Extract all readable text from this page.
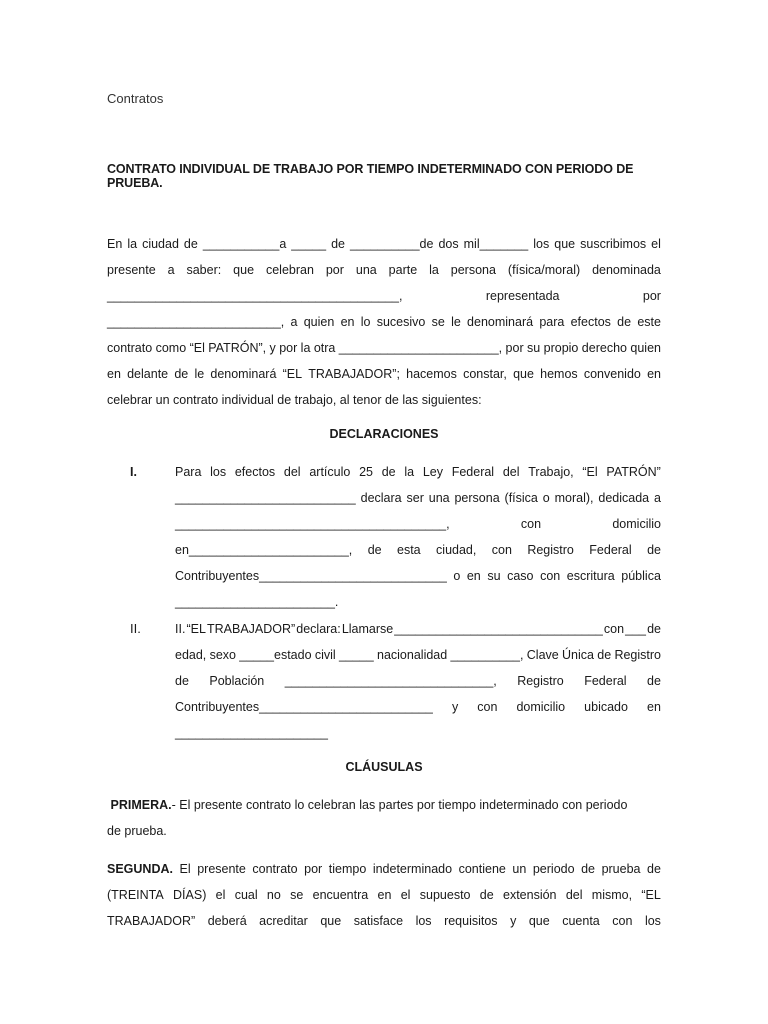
Contratos
CONTRATO INDIVIDUAL DE TRABAJO POR TIEMPO INDETERMINADO CON PERIODO DE PRUEBA.
En la ciudad de ___________a _____ de __________de dos mil_______ los que suscribimos el
presente a saber: que celebran por una parte la persona (física/moral) denominada
__________________________________________,	representada	por
_________________________, a quien en lo sucesivo se le denominará para efectos de este
contrato como “El PATRÓN”, y por la otra _______________________, por su propio derecho quien
en delante de le denominará “EL TRABAJADOR”; hacemos constar, que hemos convenido en
celebrar un contrato individual de trabajo, al tenor de las siguientes:
DECLARACIONES
I.	Para los efectos del artículo 25 de la Ley Federal del Trabajo, “El PATRÓN”
__________________________ declara ser una persona (física o moral), dedicada a
_______________________________________,	con	domicilio
en_______________________, de esta ciudad, con Registro Federal de
Contribuyentes___________________________ o en su caso con escritura pública
_______________________.
II.	II. “EL TRABAJADOR” declara: Llamarse ______________________________ con ___ de
edad, sexo _____estado civil _____ nacionalidad __________, Clave Única de Registro
de Población ______________________________, Registro Federal de
Contribuyentes_________________________ y con domicilio ubicado en
______________________
CLÁUSULAS

PRIMERA. - El presente contrato lo celebran las partes por tiempo indeterminado con periodo
de prueba.
SEGUNDA. El presente contrato por tiempo indeterminado contiene un periodo de prueba de
(TREINTA DÍAS) el cual no se encuentra en el supuesto de extensión del mismo, “EL
TRABAJADOR” deberá acreditar que satisface los requisitos y que cuenta con los
